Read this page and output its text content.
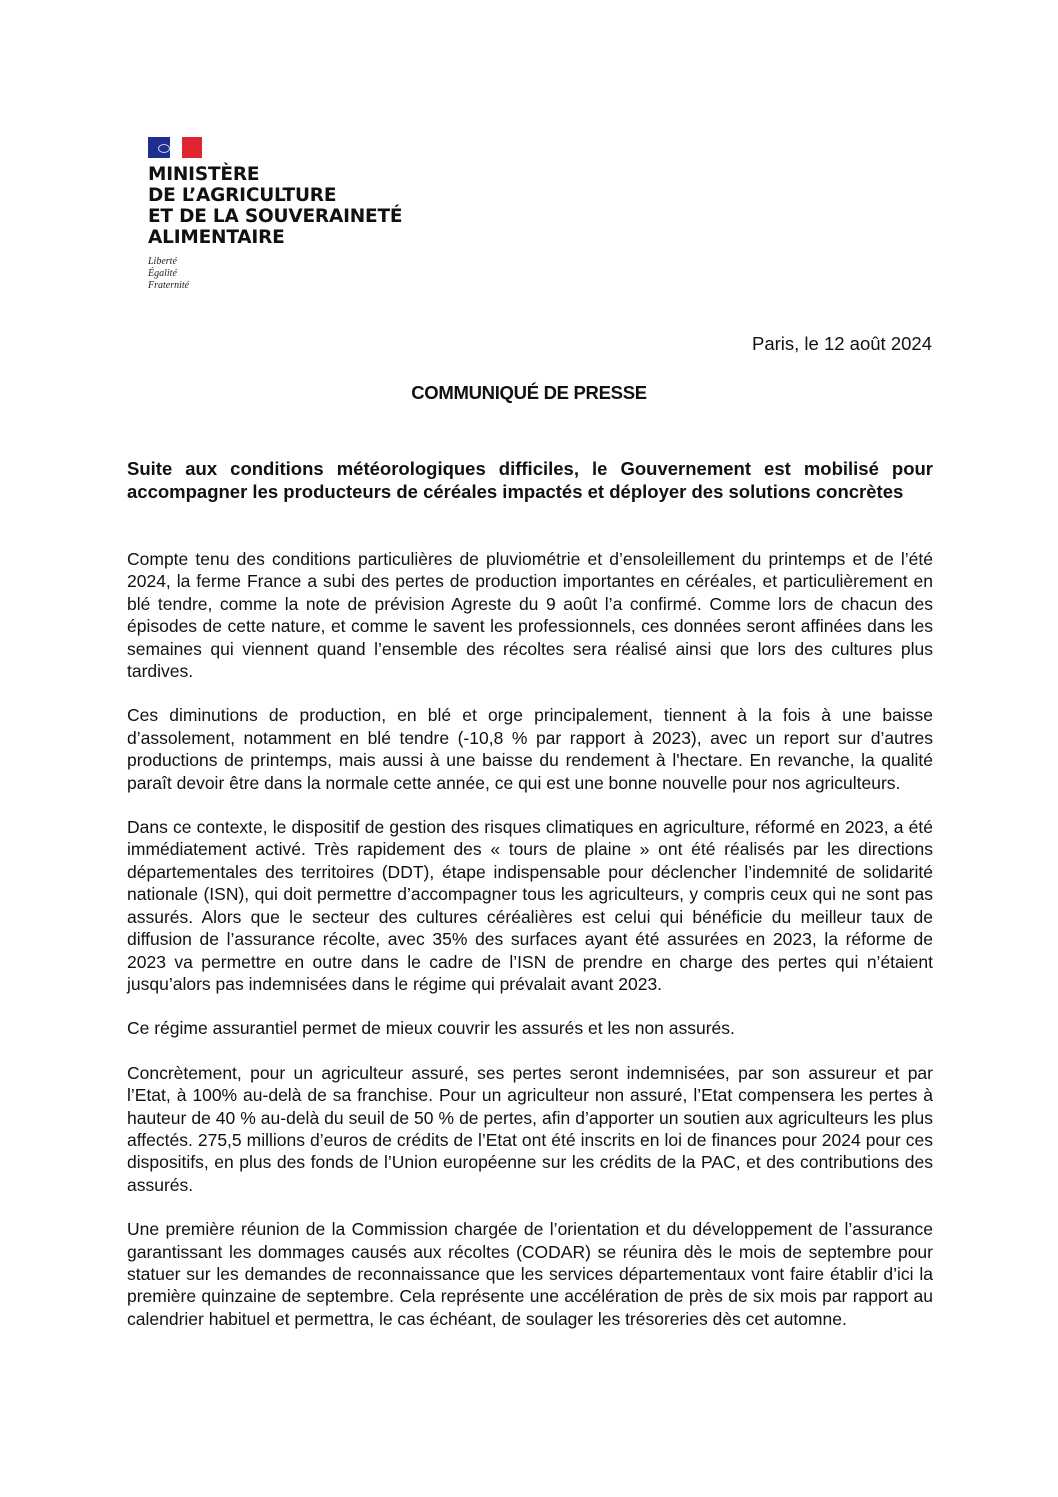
MINISTÈRE
DE L’AGRICULTURE
ET DE LA SOUVERAINETÉ
ALIMENTAIRE
Liberté
Égalité
Fraternité
Paris, le 12 août 2024
COMMUNIQUÉ DE PRESSE
Suite aux conditions météorologiques difficiles, le Gouvernement est mobilisé pour accompagner les producteurs de céréales impactés et déployer des solutions concrètes

Compte tenu des conditions particulières de pluviométrie et d’ensoleillement du printemps et de l’été 2024, la ferme France a subi des pertes de production importantes en céréales, et particulièrement en blé tendre, comme la note de prévision Agreste du 9 août l’a confirmé. Comme lors de chacun des épisodes de cette nature, et comme le savent les professionnels, ces données seront affinées dans les semaines qui viennent quand l’ensemble des récoltes sera réalisé ainsi que lors des cultures plus tardives.

Ces diminutions de production, en blé et orge principalement, tiennent à la fois à une baisse d’assolement, notamment en blé tendre (-10,8 % par rapport à 2023), avec un report sur d’autres productions de printemps, mais aussi à une baisse du rendement à l'hectare. En revanche, la qualité paraît devoir être dans la normale cette année, ce qui est une bonne nouvelle pour nos agriculteurs.

Dans ce contexte, le dispositif de gestion des risques climatiques en agriculture, réformé en 2023, a été immédiatement activé. Très rapidement des « tours de plaine » ont été réalisés par les directions départementales des territoires (DDT), étape indispensable pour déclencher l’indemnité de solidarité nationale (ISN), qui doit permettre d’accompagner tous les agriculteurs, y compris ceux qui ne sont pas assurés. Alors que le secteur des cultures céréalières est celui qui bénéficie du meilleur taux de diffusion de l’assurance récolte, avec 35% des surfaces ayant été assurées en 2023, la réforme de 2023 va permettre en outre dans le cadre de l’ISN de prendre en charge des pertes qui n’étaient jusqu’alors pas indemnisées dans le régime qui prévalait avant 2023.

Ce régime assurantiel permet de mieux couvrir les assurés et les non assurés.

Concrètement, pour un agriculteur assuré, ses pertes seront indemnisées, par son assureur et par l’Etat, à 100% au-delà de sa franchise. Pour un agriculteur non assuré, l’Etat compensera les pertes à hauteur de 40 % au-delà du seuil de 50 % de pertes, afin d’apporter un soutien aux agriculteurs les plus affectés. 275,5 millions d’euros de crédits de l’Etat ont été inscrits en loi de finances pour 2024 pour ces dispositifs, en plus des fonds de l’Union européenne sur les crédits de la PAC, et des contributions des assurés.

Une première réunion de la Commission chargée de l’orientation et du développement de l’assurance garantissant les dommages causés aux récoltes (CODAR) se réunira dès le mois de septembre pour statuer sur les demandes de reconnaissance que les services départementaux vont faire établir d’ici la première quinzaine de septembre. Cela représente une accélération de près de six mois par rapport au calendrier habituel et permettra, le cas échéant, de soulager les trésoreries dès cet automne.
